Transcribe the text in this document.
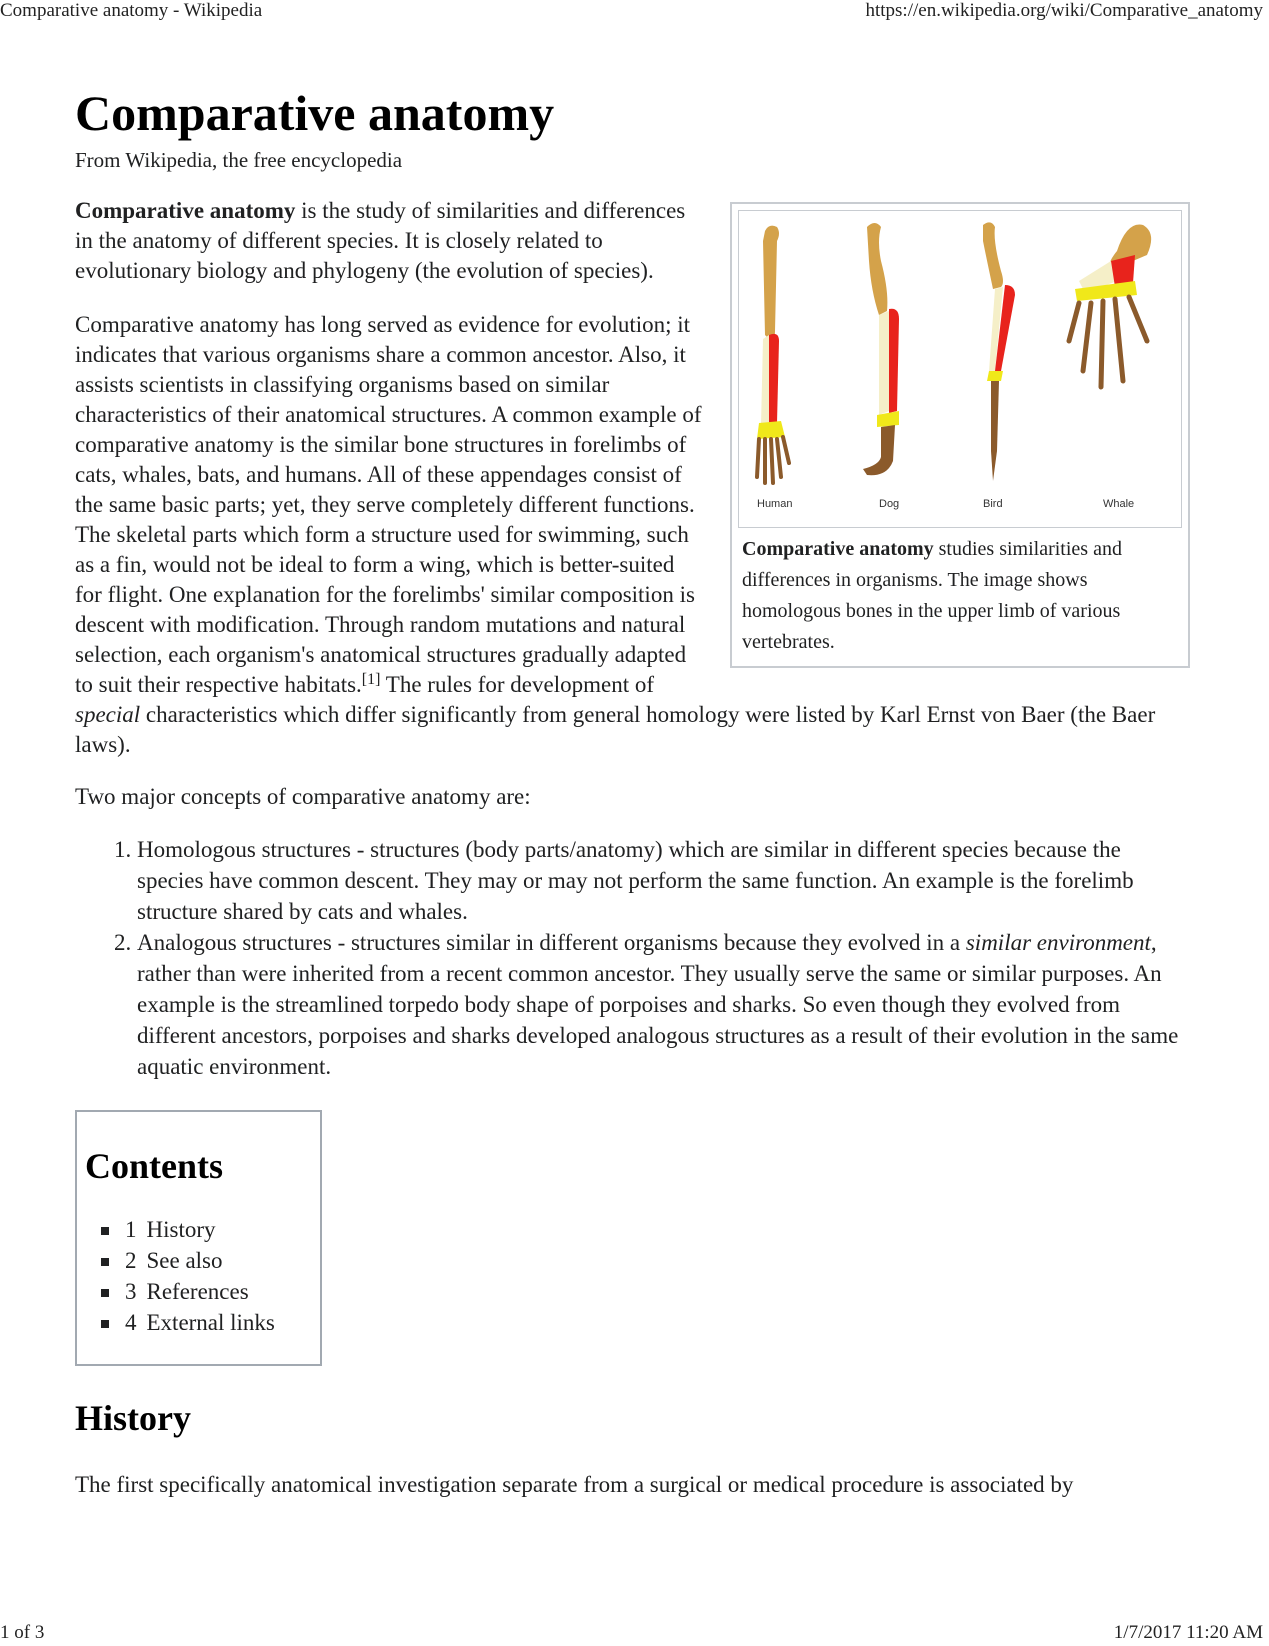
Comparative anatomy - Wikipedia	https://en.wikipedia.org/wiki/Comparative_anatomy
Comparative anatomy
From Wikipedia, the free encyclopedia
Human	Dog	Bird	Whale
Comparative anatomy studies similarities and differences in organisms. The image shows homologous bones in the upper limb of various vertebrates.

Comparative anatomy is the study of similarities and differences in the anatomy of different species. It is closely related to evolutionary biology and phylogeny (the evolution of species).

Comparative anatomy has long served as evidence for evolution; it indicates that various organisms share a common ancestor. Also, it assists scientists in classifying organisms based on similar characteristics of their anatomical structures. A common example of comparative anatomy is the similar bone structures in forelimbs of cats, whales, bats, and humans. All of these appendages consist of the same basic parts; yet, they serve completely different functions. The skeletal parts which form a structure used for swimming, such as a fin, would not be ideal to form a wing, which is better-suited for flight. One explanation for the forelimbs' similar composition is descent with modification. Through random mutations and natural selection, each organism's anatomical structures gradually adapted to suit their respective habitats.[1] The rules for development of special characteristics which differ significantly from general homology were listed by Karl Ernst von Baer (the Baer laws).

Two major concepts of comparative anatomy are:

1. Homologous structures - structures (body parts/anatomy) which are similar in different species because the species have common descent. They may or may not perform the same function. An example is the forelimb structure shared by cats and whales.
2. Analogous structures - structures similar in different organisms because they evolved in a similar environment, rather than were inherited from a recent common ancestor. They usually serve the same or similar purposes. An example is the streamlined torpedo body shape of porpoises and sharks. So even though they evolved from different ancestors, porpoises and sharks developed analogous structures as a result of their evolution in the same aquatic environment.
Contents
1 History
2 See also
3 References
4 External links
History

The first specifically anatomical investigation separate from a surgical or medical procedure is associated by

1 of 3	1/7/2017 11:20 AM
